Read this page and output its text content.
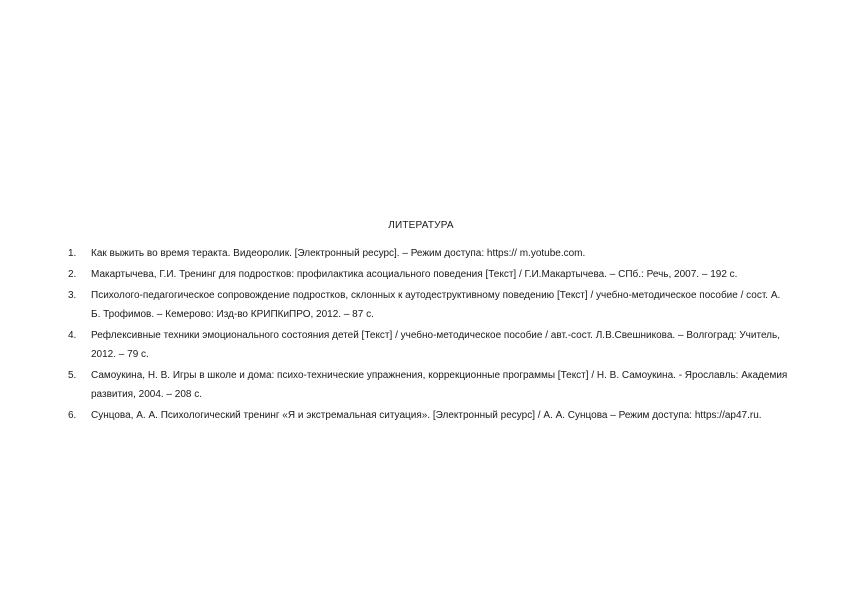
ЛИТЕРАТУРА
1.	Как выжить во время теракта. Видеоролик. [Электронный ресурс]. – Режим доступа: https:// m.yotube.com.
2.	Макартычева, Г.И. Тренинг для подростков: профилактика асоциального поведения [Текст] / Г.И.Макартычева. – СПб.: Речь, 2007. – 192 с.
3.	Психолого-педагогическое сопровождение подростков, склонных к аутодеструктивному поведению [Текст] / учебно-методическое пособие / сост. А. Б. Трофимов. – Кемерово: Изд-во КРИПКиПРО, 2012. – 87 с.
4.	Рефлексивные техники эмоционального состояния детей [Текст] / учебно-методическое пособие / авт.-сост. Л.В.Свешникова. – Волгоград: Учитель, 2012. – 79 с.
5.	Самоукина, Н. В. Игры в школе и дома: психо-технические упражнения, коррекционные программы [Текст] / Н. В. Самоукина. - Ярославль: Академия развития, 2004. – 208 с.
6.	Сунцова, А. А. Психологический тренинг «Я и экстремальная ситуация». [Электронный ресурс] / А. А. Сунцова – Режим доступа: https://ap47.ru.
